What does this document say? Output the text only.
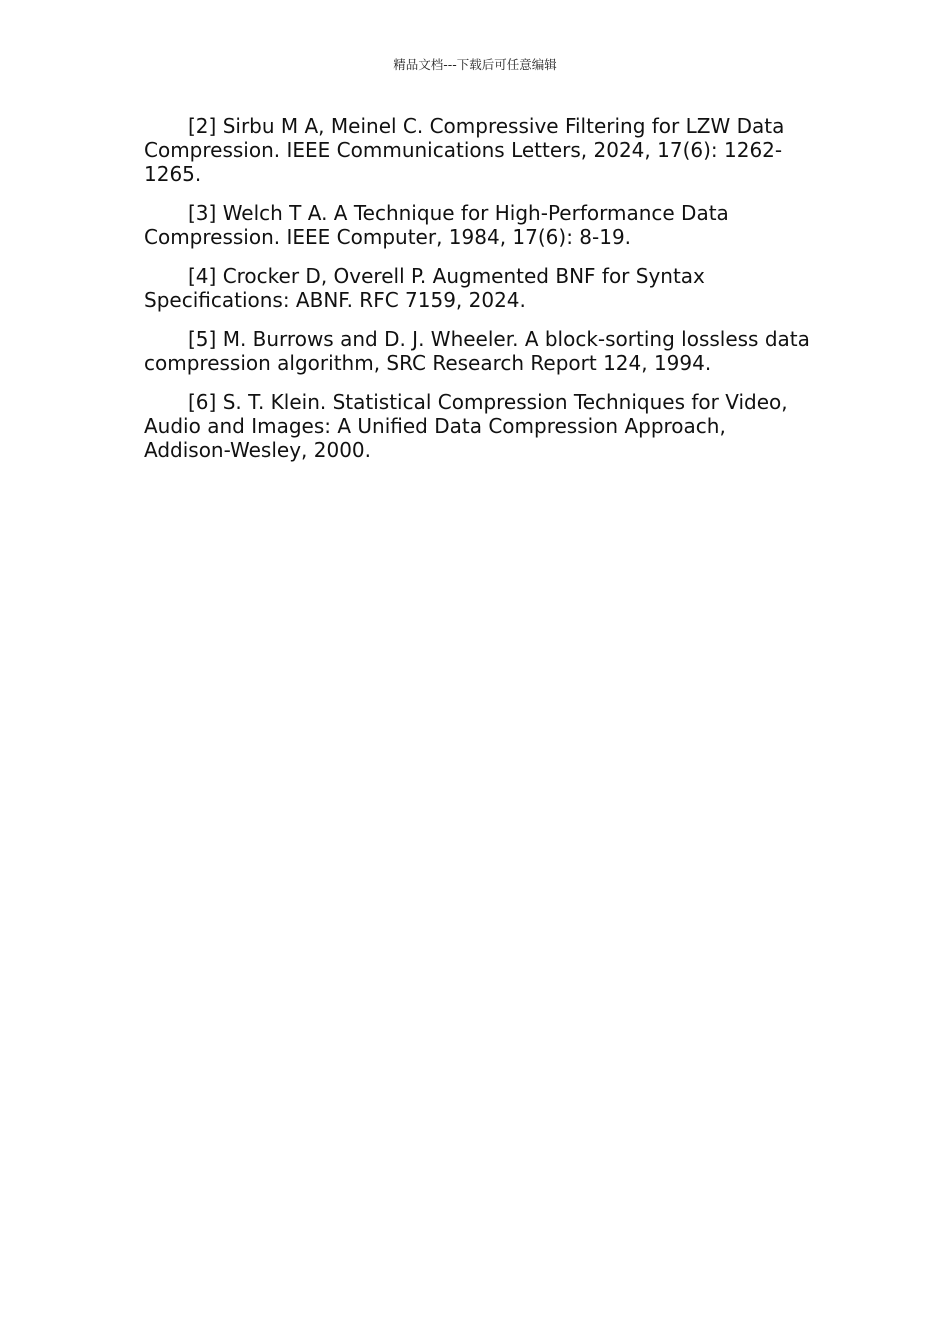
精品文档---下载后可任意编辑

[2] Sirbu M A, Meinel C. Compressive Filtering for LZW Data Compression. IEEE Communications Letters, 2024, 17(6): 1262-1265.

[3] Welch T A. A Technique for High-Performance Data Compression. IEEE Computer, 1984, 17(6): 8-19.

[4] Crocker D, Overell P. Augmented BNF for Syntax Specifications: ABNF. RFC 7159, 2024.

[5] M. Burrows and D. J. Wheeler. A block-sorting lossless data compression algorithm, SRC Research Report 124, 1994.

[6] S. T. Klein. Statistical Compression Techniques for Video, Audio and Images: A Unified Data Compression Approach, Addison-Wesley, 2000.
